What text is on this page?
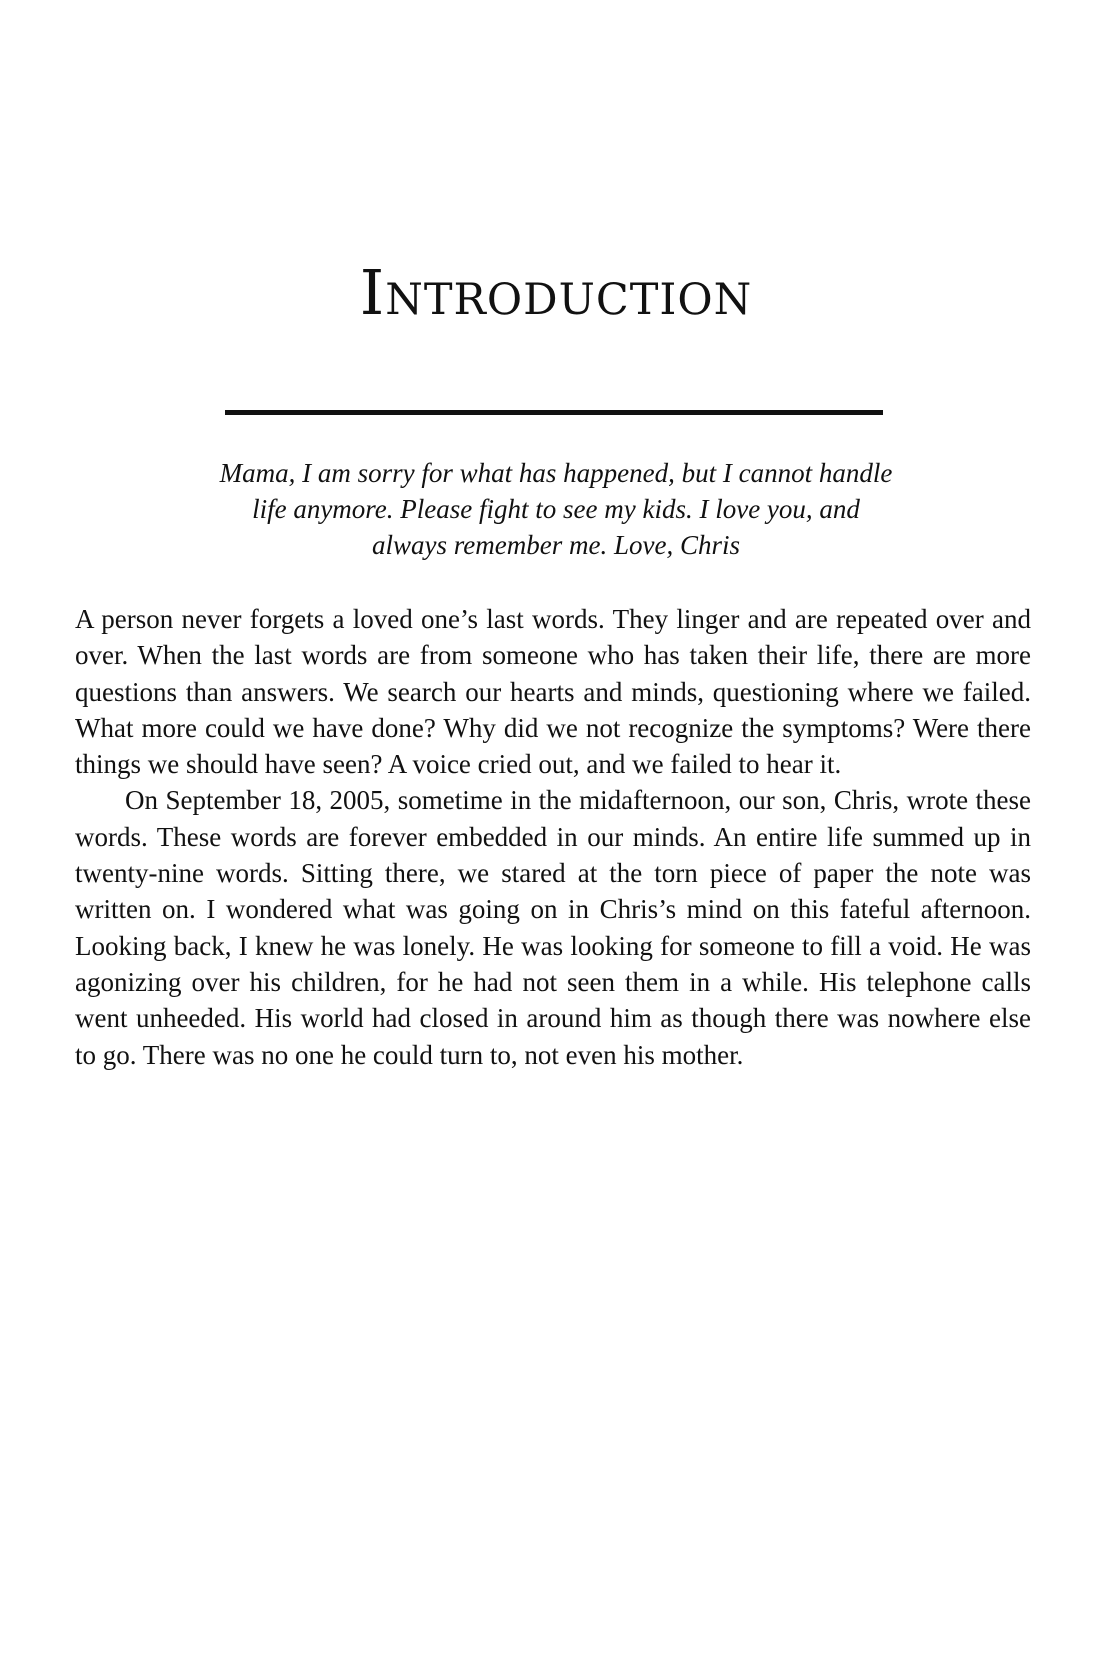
Introduction
Mama, I am sorry for what has happened, but I cannot handle
life anymore. Please fight to see my kids. I love you, and
always remember me. Love, Chris

A person never forgets a loved one’s last words. They linger and are repeated over and over. When the last words are from someone who has taken their life, there are more questions than answers. We search our hearts and minds, questioning where we failed. What more could we have done? Why did we not recognize the symptoms? Were there things we should have seen? A voice cried out, and we failed to hear it.

On September 18, 2005, sometime in the midafternoon, our son, Chris, wrote these words. These words are forever embedded in our minds. An entire life summed up in twenty-nine words. Sitting there, we stared at the torn piece of paper the note was written on. I wondered what was going on in Chris’s mind on this fateful afternoon. Looking back, I knew he was lonely. He was looking for someone to fill a void. He was agonizing over his children, for he had not seen them in a while. His telephone calls went unheeded. His world had closed in around him as though there was nowhere else to go. There was no one he could turn to, not even his mother.
